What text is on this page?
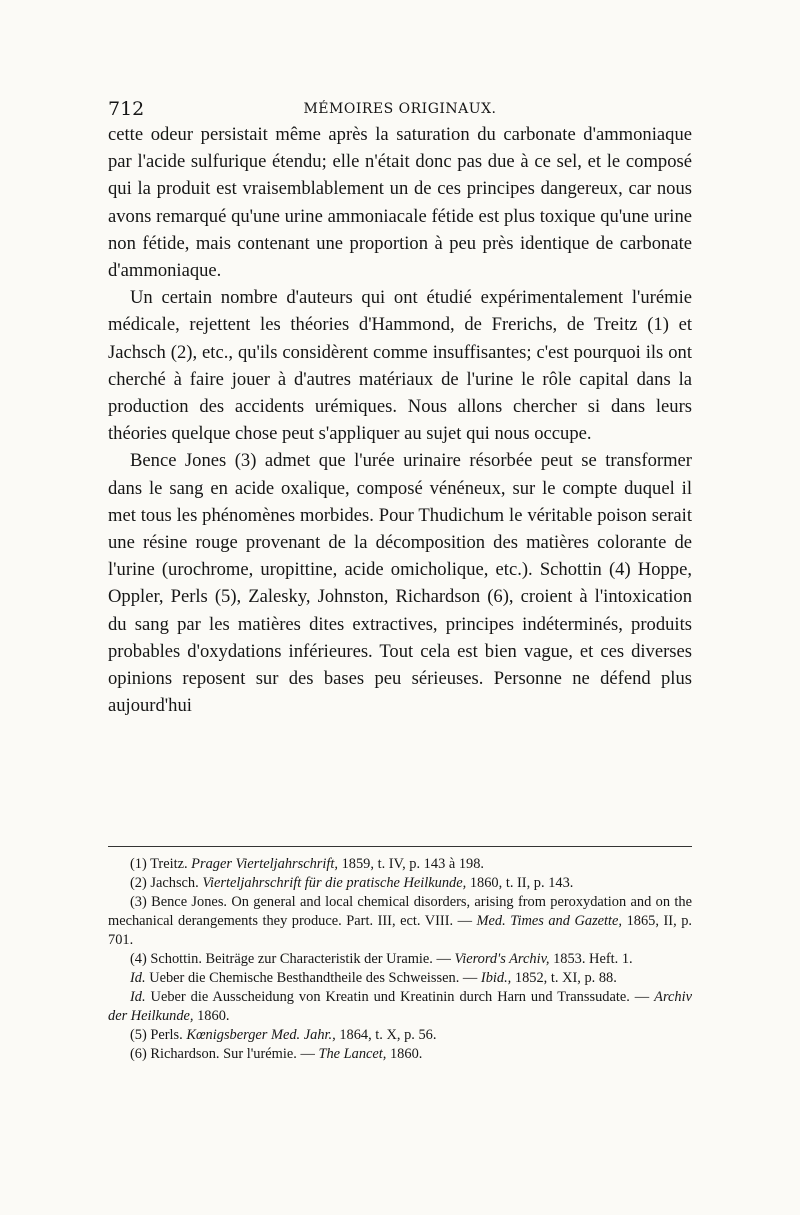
712	MÉMOIRES ORIGINAUX.

cette odeur persistait même après la saturation du carbonate d'ammoniaque par l'acide sulfurique étendu; elle n'était donc pas due à ce sel, et le composé qui la produit est vraisemblablement un de ces principes dangereux, car nous avons remarqué qu'une urine ammoniacale fétide est plus toxique qu'une urine non fétide, mais contenant une proportion à peu près identique de carbonate d'ammoniaque.

Un certain nombre d'auteurs qui ont étudié expérimentalement l'urémie médicale, rejettent les théories d'Hammond, de Frerichs, de Treitz (1) et Jachsch (2), etc., qu'ils considèrent comme insuffisantes; c'est pourquoi ils ont cherché à faire jouer à d'autres matériaux de l'urine le rôle capital dans la production des accidents urémiques. Nous allons chercher si dans leurs théories quelque chose peut s'appliquer au sujet qui nous occupe.

Bence Jones (3) admet que l'urée urinaire résorbée peut se transformer dans le sang en acide oxalique, composé vénéneux, sur le compte duquel il met tous les phénomènes morbides. Pour Thudichum le véritable poison serait une résine rouge provenant de la décomposition des matières colorante de l'urine (urochrome, uropittine, acide omicholique, etc.). Schottin (4) Hoppe, Oppler, Perls (5), Zalesky, Johnston, Richardson (6), croient à l'intoxication du sang par les matières dites extractives, principes indéterminés, produits probables d'oxydations inférieures. Tout cela est bien vague, et ces diverses opinions reposent sur des bases peu sérieuses. Personne ne défend plus aujourd'hui

(1) Treitz. Prager Vierteljahrschrift, 1859, t. IV, p. 143 à 198.

(2) Jachsch. Vierteljahrschrift für die pratische Heilkunde, 1860, t. II, p. 143.

(3) Bence Jones. On general and local chemical disorders, arising from peroxydation and on the mechanical derangements they produce. Part. III, ect. VIII. — Med. Times and Gazette, 1865, II, p. 701.

(4) Schottin. Beiträge zur Characteristik der Uramie. — Vierord's Archiv, 1853. Heft. 1.

Id. Ueber die Chemische Besthandtheile des Schweissen. — Ibid., 1852, t. XI, p. 88.

Id. Ueber die Ausscheidung von Kreatin und Kreatinin durch Harn und Transsudate. — Archiv der Heilkunde, 1860.

(5) Perls. Kœnigsberger Med. Jahr., 1864, t. X, p. 56.

(6) Richardson. Sur l'urémie. — The Lancet, 1860.
